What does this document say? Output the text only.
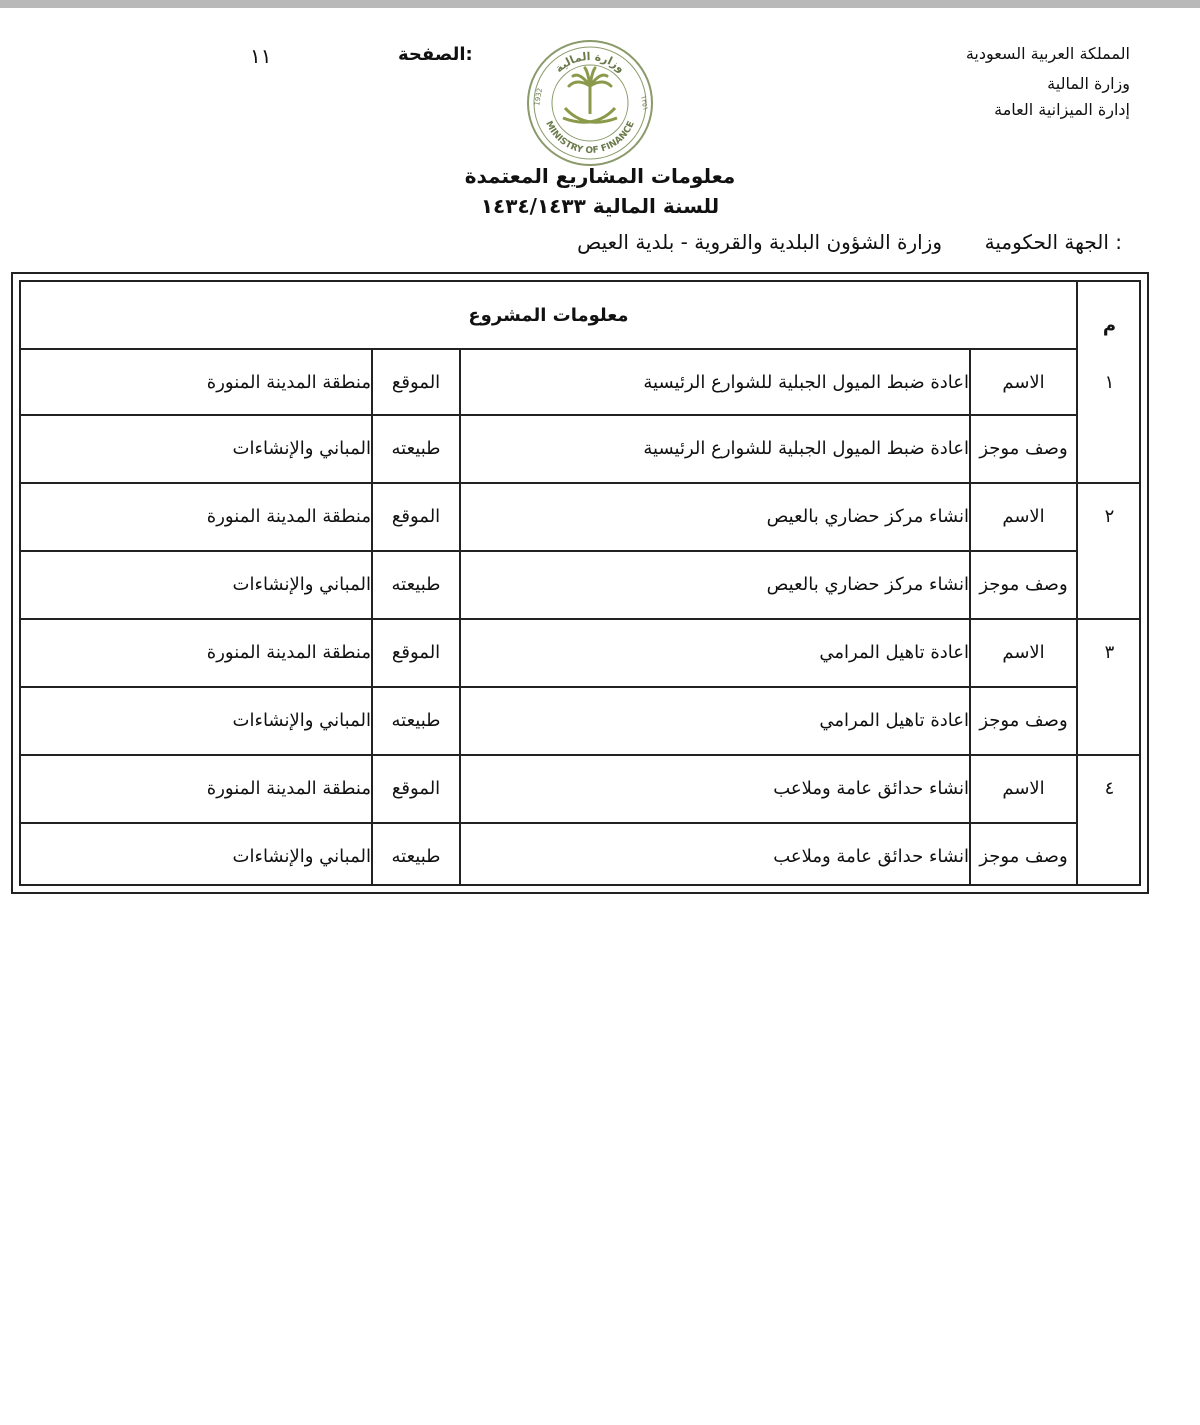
المملكة العربية السعودية
وزارة المالية
إدارة الميزانية العامة
الصفحة:
١١
وزارة المالية
MINISTRY OF FINANCE
1932	١٣٥١
معلومات المشاريع المعتمدة
للسنة المالية ١٤٣٤/١٤٣٣
الجهة الحكومية :
وزارة الشؤون البلدية والقروية - بلدية العيص
معلومات المشروع	م
١
الاسم
اعادة ضبط الميول الجبلية للشوارع الرئيسية
الموقع
منطقة المدينة المنورة
وصف موجز
اعادة ضبط الميول الجبلية للشوارع الرئيسية
طبيعته
المباني والإنشاءات
٢
الاسم
انشاء مركز حضاري بالعيص
الموقع
منطقة المدينة المنورة
وصف موجز
انشاء مركز حضاري بالعيص
طبيعته
المباني والإنشاءات
٣
الاسم
اعادة تاهيل المرامي
الموقع
منطقة المدينة المنورة
وصف موجز
اعادة تاهيل المرامي
طبيعته
المباني والإنشاءات
٤
الاسم
انشاء حدائق عامة وملاعب
الموقع
منطقة المدينة المنورة
وصف موجز
انشاء حدائق عامة وملاعب
طبيعته
المباني والإنشاءات
